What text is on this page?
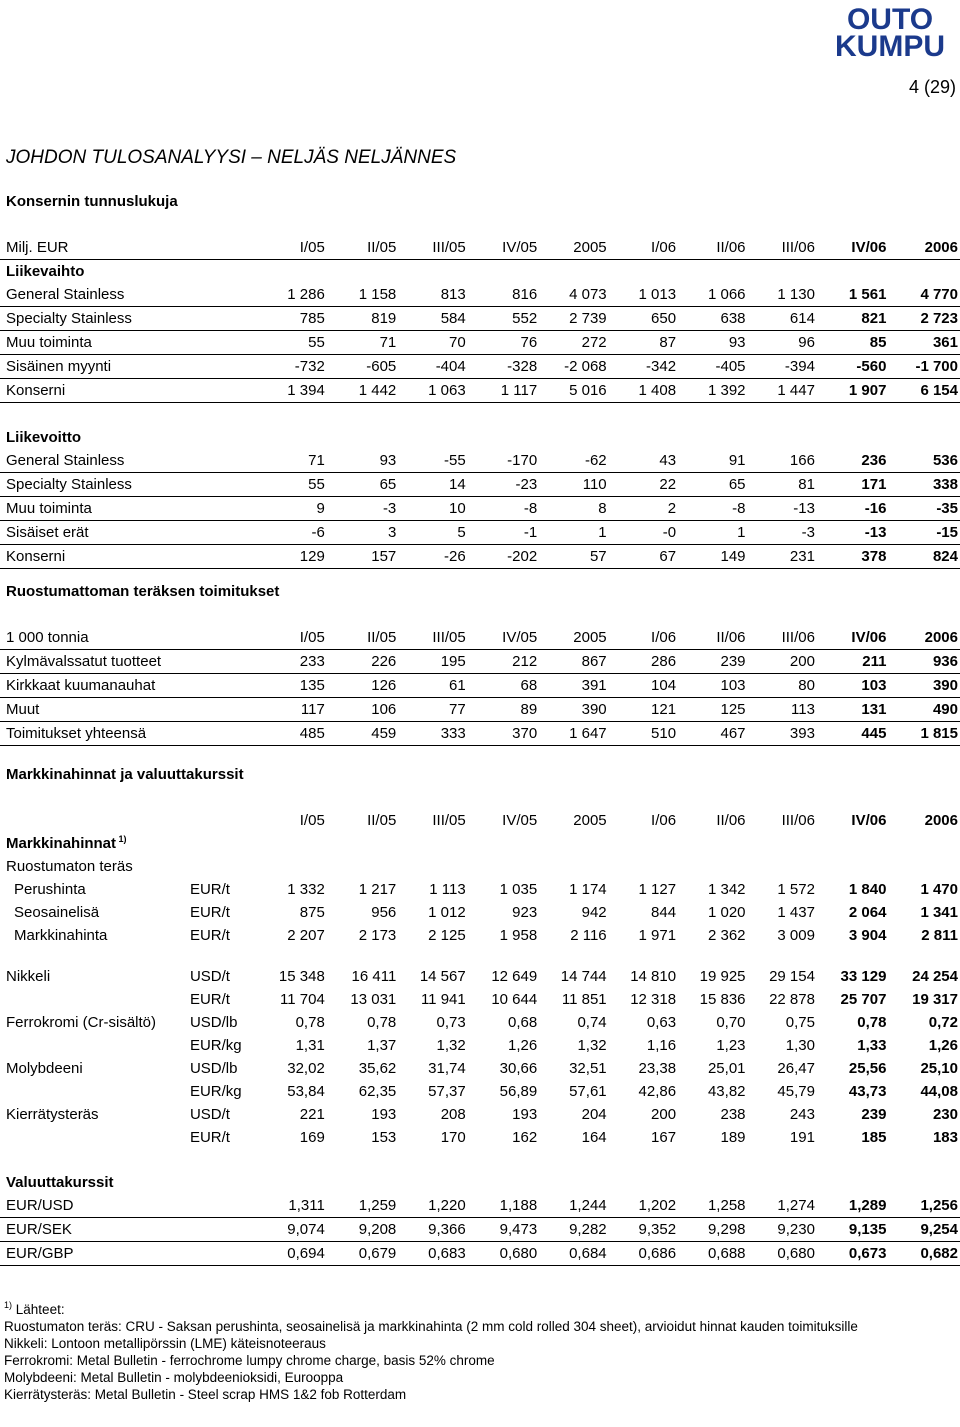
OUTO
KUMPU
4 (29)
JOHDON TULOSANALYYSI – NELJÄS NELJÄNNES
Konsernin tunnuslukuja
Milj. EUR	I/05	II/05	III/05	IV/05	2005	I/06	II/06	III/06	IV/06	2006
Liikevaihto										
General Stainless	1 286	1 158	813	816	4 073	1 013	1 066	1 130	1 561	4 770
Specialty Stainless	785	819	584	552	2 739	650	638	614	821	2 723
Muu toiminta	55	71	70	76	272	87	93	96	85	361
Sisäinen myynti	-732	-605	-404	-328	-2 068	-342	-405	-394	-560	-1 700
Konserni	1 394	1 442	1 063	1 117	5 016	1 408	1 392	1 447	1 907	6 154

Liikevoitto										
General Stainless	71	93	-55	-170	-62	43	91	166	236	536
Specialty Stainless	55	65	14	-23	110	22	65	81	171	338
Muu toiminta	9	-3	10	-8	8	2	-8	-13	-16	-35
Sisäiset erät	-6	3	5	-1	1	-0	1	-3	-13	-15
Konserni	129	157	-26	-202	57	67	149	231	378	824
Ruostumattoman teräksen toimitukset
1 000 tonnia	I/05	II/05	III/05	IV/05	2005	I/06	II/06	III/06	IV/06	2006
Kylmävalssatut tuotteet	233	226	195	212	867	286	239	200	211	936
Kirkkaat kuumanauhat	135	126	61	68	391	104	103	80	103	390
Muut	117	106	77	89	390	121	125	113	131	490
Toimitukset yhteensä	485	459	333	370	1 647	510	467	393	445	1 815
Markkinahinnat ja valuuttakurssit
		I/05	II/05	III/05	IV/05	2005	I/06	II/06	III/06	IV/06	2006
Markkinahinnat $^{1)}$
Ruostumaton teräs											
Perushinta	EUR/t	1 332	1 217	1 113	1 035	1 174	1 127	1 342	1 572	1 840	1 470
Seosainelisä	EUR/t	875	956	1 012	923	942	844	1 020	1 437	2 064	1 341
Markkinahinta	EUR/t	2 207	2 173	2 125	1 958	2 116	1 971	2 362	3 009	3 904	2 811

Nikkeli	USD/t	15 348	16 411	14 567	12 649	14 744	14 810	19 925	29 154	33 129	24 254
	EUR/t	11 704	13 031	11 941	10 644	11 851	12 318	15 836	22 878	25 707	19 317
Ferrokromi (Cr-sisältö)	USD/lb	0,78	0,78	0,73	0,68	0,74	0,63	0,70	0,75	0,78	0,72
	EUR/kg	1,31	1,37	1,32	1,26	1,32	1,16	1,23	1,30	1,33	1,26
Molybdeeni	USD/lb	32,02	35,62	31,74	30,66	32,51	23,38	25,01	26,47	25,56	25,10
	EUR/kg	53,84	62,35	57,37	56,89	57,61	42,86	43,82	45,79	43,73	44,08
Kierrätysteräs	USD/t	221	193	208	193	204	200	238	243	239	230
	EUR/t	169	153	170	162	164	167	189	191	185	183

Valuuttakurssit											
EUR/USD		1,311	1,259	1,220	1,188	1,244	1,202	1,258	1,274	1,289	1,256
EUR/SEK		9,074	9,208	9,366	9,473	9,282	9,352	9,298	9,230	9,135	9,254
EUR/GBP		0,694	0,679	0,683	0,680	0,684	0,686	0,688	0,680	0,673	0,682
$^{1)}$ Lähteet:
Ruostumaton teräs: CRU - Saksan perushinta, seosainelisä ja markkinahinta (2 mm cold rolled 304 sheet), arvioidut hinnat kauden toimituksille
Nikkeli: Lontoon metallipörssin (LME) käteisnoteeraus
Ferrokromi: Metal Bulletin - ferrochrome lumpy chrome charge, basis 52% chrome
Molybdeeni: Metal Bulletin - molybdeenioksidi, Eurooppa
Kierrätysteräs: Metal Bulletin - Steel scrap HMS 1&2 fob Rotterdam
